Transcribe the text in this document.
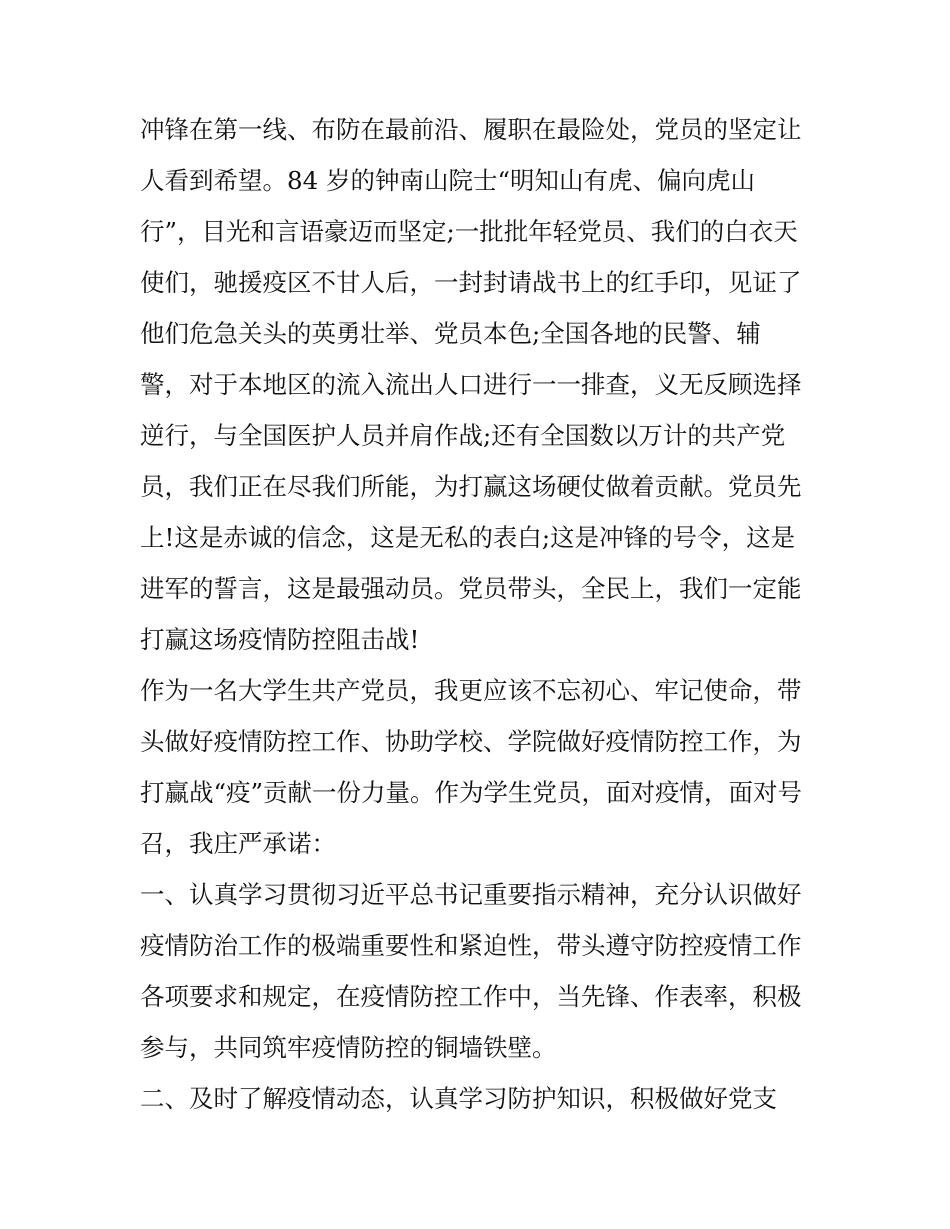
冲锋在第一线、布防在最前沿、履职在最险处，党员的坚定让
人看到希望。84 岁的钟南山院士“明知山有虎、偏向虎山
行”，目光和言语豪迈而坚定;一批批年轻党员、我们的白衣天
使们，驰援疫区不甘人后，一封封请战书上的红手印，见证了
他们危急关头的英勇壮举、党员本色;全国各地的民警、辅
警，对于本地区的流入流出人口进行一一排查，义无反顾选择
逆行，与全国医护人员并肩作战;还有全国数以万计的共产党
员，我们正在尽我们所能，为打赢这场硬仗做着贡献。党员先
上!这是赤诚的信念，这是无私的表白;这是冲锋的号令，这是
进军的誓言，这是最强动员。党员带头，全民上，我们一定能
打赢这场疫情防控阻击战!
作为一名大学生共产党员，我更应该不忘初心、牢记使命，带
头做好疫情防控工作、协助学校、学院做好疫情防控工作，为
打赢战“疫”贡献一份力量。作为学生党员，面对疫情，面对号
召，我庄严承诺：
一、认真学习贯彻习近平总书记重要指示精神，充分认识做好
疫情防治工作的极端重要性和紧迫性，带头遵守防控疫情工作
各项要求和规定，在疫情防控工作中，当先锋、作表率，积极
参与，共同筑牢疫情防控的铜墙铁壁。
二、及时了解疫情动态，认真学习防护知识，积极做好党支
